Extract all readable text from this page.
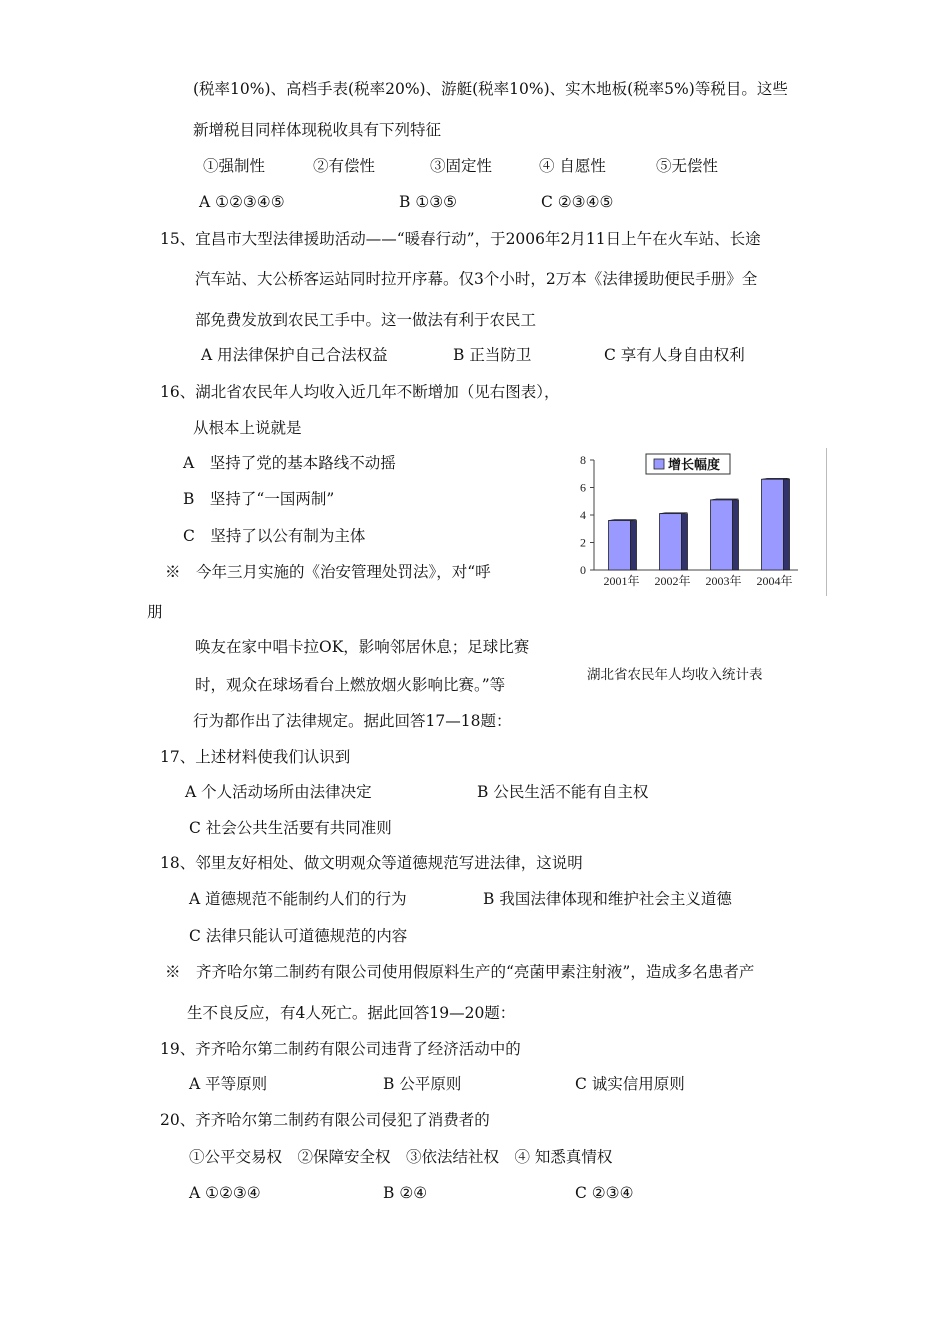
(税率10%)、高档手表(税率20%)、游艇(税率10%)、实木地板(税率5%)等税目。这些
新增税目同样体现税收具有下列特征
①强制性	②有偿性	③固定性	④ 自愿性	⑤无偿性
A ①②③④⑤	B ①③⑤	C ②③④⑤
15、宜昌市大型法律援助活动——“暖春行动”，于2006年2月11日上午在火车站、长途
汽车站、大公桥客运站同时拉开序幕。仅3个小时，2万本《法律援助便民手册》全
部免费发放到农民工手中。这一做法有利于农民工
A 用法律保护自己合法权益	B 正当防卫	C 享有人身自由权利
16、湖北省农民年人均收入近几年不断增加（见右图表），
从根本上说就是
A　坚持了党的基本路线不动摇
B　坚持了“一国两制”
C　坚持了以公有制为主体
※　今年三月实施的《治安管理处罚法》，对“呼
朋
唤友在家中唱卡拉OK，影响邻居休息；足球比赛
时，观众在球场看台上燃放烟火影响比赛。”等
行为都作出了法律规定。据此回答17—18题：
0
2
4
6
8
2001年 2002年 2003年 2004年
增长幅度
湖北省农民年人均收入统计表
17、上述材料使我们认识到
A 个人活动场所由法律决定	B 公民生活不能有自主权
C 社会公共生活要有共同准则
18、邻里友好相处、做文明观众等道德规范写进法律，这说明
A 道德规范不能制约人们的行为	B 我国法律体现和维护社会主义道德
C 法律只能认可道德规范的内容
※　齐齐哈尔第二制药有限公司使用假原料生产的“亮菌甲素注射液”，造成多名患者产
生不良反应，有4人死亡。据此回答19—20题：
19、齐齐哈尔第二制药有限公司违背了经济活动中的
A 平等原则	B 公平原则	C 诚实信用原则
20、齐齐哈尔第二制药有限公司侵犯了消费者的
①公平交易权　②保障安全权　③依法结社权　④ 知悉真情权
A ①②③④	B ②④	C ②③④
